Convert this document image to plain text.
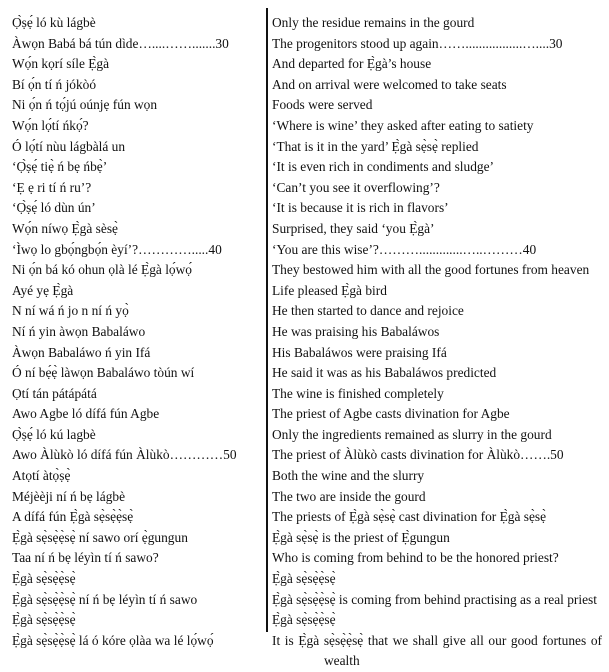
Ọ̀ṣẹ́ ló kù lágbè
Àwọn Babá bá tún dìde…....…….......30
Wọ́n kọrí síle Ẹ̀gà
Bí ọ́n tí ń jókòó
Ni ọ́n ń tọ́jú oúnjẹ fún wọn
Wọ́n lọ́tí ńkọ́?
Ó lọ́tí nùu lágbàlá un
‘Ọ̀ṣẹ́ tiẹ̀ ń bẹ ńbẹ̀’
‘Ẹ ẹ ri tí ń ru’?
‘Ọ̀ṣẹ́ ló dùn ún’
Wọ́n níwọ Ẹ̀gà sèsẹ̀
‘Ìwọ lo gbọ́ngbọ́n èyí’?………….....40
Ni ọ́n bá kó ohun ọlà lé Ẹ̀gà lọ́wọ́
Ayé yẹ Ẹ̀gà
N ní wá ń jo n ní ń yọ̀
Ní ń yin àwọn Babaláwo
Àwọn Babaláwo ń yin Ifá
Ó ní bẹ́ẹ̀ làwọn Babaláwo tòún wí
Ọtí tán pátápátá
Awo Agbe ló dífá fún Agbe
Ọ̀ṣẹ́ ló kú lagbè
Awo Àlùkò ló dífá fún Àlùkò…………50
Atọtí àtọ̀ṣẹ̀
Méjèèji ní ń bẹ lágbè
A dífá fún Ẹ̀gà sẹ̀sẹ̀ẹ̀sẹ̀
Ẹ̀gà sẹ̀sẹ̀ẹ̀sẹ̀ ní sawo orí ẹ̀gungun
Taa ní ń bẹ léyìn tí ń sawo?
Ẹ̀gà sẹ̀sẹ̀ẹ̀sẹ̀
Ẹ̀gà sẹ̀sẹ̀ẹ̀sẹ̀ ní ń bẹ léyìn tí ń sawo
Ẹ̀gà sẹ̀sẹ̀ẹ̀sẹ̀
Ẹ̀gà sẹ̀sẹ̀ẹ̀sẹ̀ lá ó kóre ọlàa wa lé lọ́wọ́
Only the residue remains in the gourd
The progenitors stood up again…….................…....30
And departed for Ẹ̀gà’s house
And on arrival were welcomed to take seats
Foods were served
‘Where is wine’ they asked after eating to satiety
‘That is it in the yard’ Ẹ̀gà sẹ̀sẹ̀ replied
‘It is even rich in condiments and sludge’
‘Can’t you see it overflowing’?
‘It is because it is rich in flavors’
Surprised, they said ‘you Ẹ̀gà’
‘You are this wise’?……….............…..………40
They bestowed him with all the good fortunes from heaven
Life pleased Ẹ̀gà bird
He then started to dance and rejoice
He was praising his Babaláwos
His Babaláwos were praising Ifá
He said it was as his Babaláwos predicted
The wine is finished completely
The priest of Agbe casts divination for Agbe
Only the ingredients remained as slurry in the gourd
The priest of Àlùkò casts divination for Àlùkò…….50
Both the wine and the slurry
The two are inside the gourd
The priests of Ẹ̀gà sẹ̀sẹ̀ cast divination for Ẹ̀gà sẹ̀sẹ̀
Ẹ̀gà sẹ̀sẹ̀ is the priest of Ẹ̀gungun
Who is coming from behind to be the honored priest?
Ẹ̀gà sẹ̀sẹ̀ẹ̀sẹ̀
Ẹ̀gà sẹ̀sẹ̀ẹ̀sẹ̀ is coming from behind practising as a real priest
Ẹ̀gà sẹ̀sẹ̀ẹ̀sẹ̀
It is Ẹ̀gà sẹ̀sẹ̀ẹ̀sẹ̀ that we shall give all our good fortunes of wealth
